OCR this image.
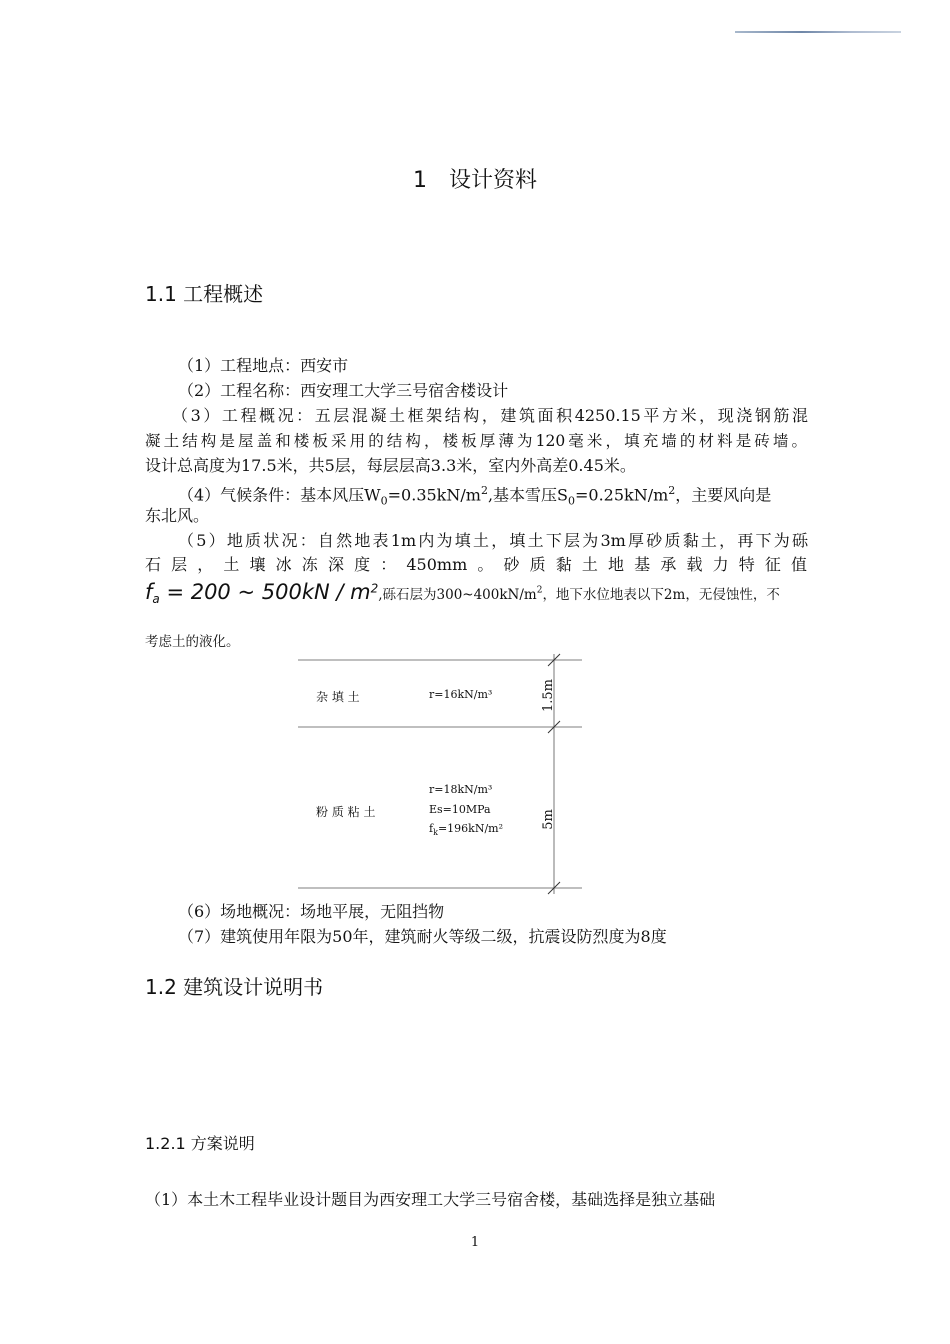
1　设计资料
1.1 工程概述
（1）工程地点：西安市
（2）工程名称：西安理工大学三号宿舍楼设计
（3）工程概况：五层混凝土框架结构，建筑面积4250.15平方米，现浇钢筋混
凝土结构是屋盖和楼板采用的结构，楼板厚薄为120毫米，填充墙的材料是砖墙。
设计总高度为17.5米，共5层，每层层高3.3米，室内外高差0.45米。
（4）气候条件：基本风压$W_0=0.35kN/m^2$,基本雪压$S_0=0.25kN/m^2$，主要风向是
东北风。
（5）地质状况：自然地表1m内为填土，填土下层为3m厚砂质黏土，再下为砾
石层，土壤冰冻深度：450mm。砂质黏土地基承载力特征值
$f_a = 200$ ~ $500kN / m^2$,砾石层为$300\sim 400kN/m^2$，地下水位地表以下2m，无侵蚀性，不
考虑土的液化。
杂 填 土	r=16kN/m³	1.5m
粉 质 粘 土
r=18kN/m³
Es=10MPa
$f_k=196kN/m^2$	5m
（6）场地概况：场地平展，无阻挡物
（7）建筑使用年限为50年，建筑耐火等级二级，抗震设防烈度为8度
1.2 建筑设计说明书
1.2.1 方案说明
（1）本土木工程毕业设计题目为西安理工大学三号宿舍楼，基础选择是独立基础
1
